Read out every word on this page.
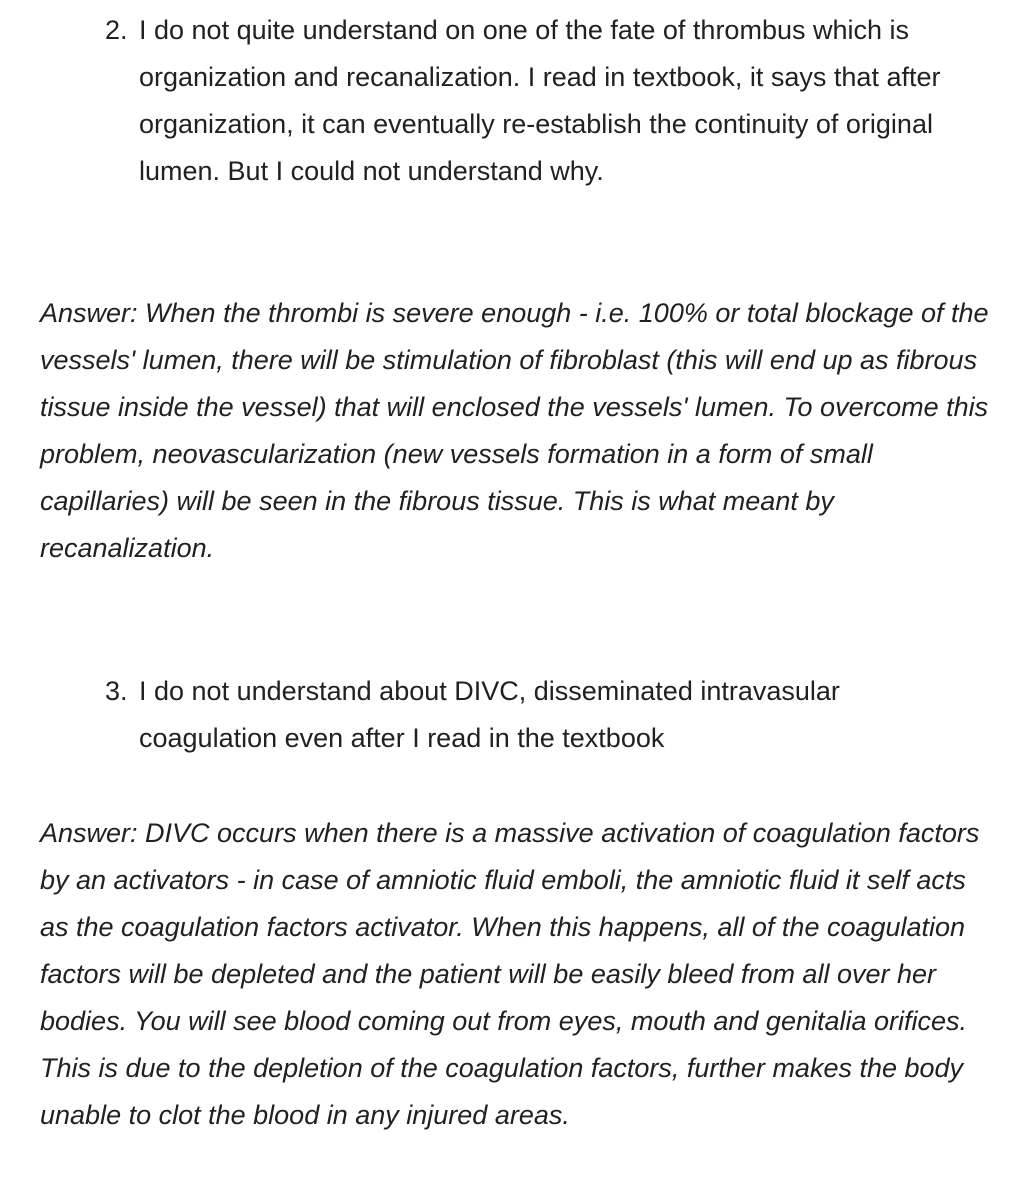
2. I do not quite understand on one of the fate of thrombus which is organization and recanalization. I read in textbook, it says that after organization, it can eventually re-establish the continuity of original lumen. But I could not understand why.
Answer: When the thrombi is severe enough - i.e. 100% or total blockage of the vessels' lumen, there will be stimulation of fibroblast (this will end up as fibrous tissue inside the vessel) that will enclosed the vessels' lumen. To overcome this problem, neovascularization (new vessels formation in a form of small capillaries) will be seen in the fibrous tissue. This is what meant by recanalization.
3. I do not understand about DIVC, disseminated intravasular coagulation even after I read in the textbook
Answer: DIVC occurs when there is a massive activation of coagulation factors by an activators - in case of amniotic fluid emboli, the amniotic fluid it self acts as the coagulation factors activator. When this happens, all of the coagulation factors will be depleted and the patient will be easily bleed from all over her bodies. You will see blood coming out from eyes, mouth and genitalia orifices. This is due to the depletion of the coagulation factors, further makes the body unable to clot the blood in any injured areas.
